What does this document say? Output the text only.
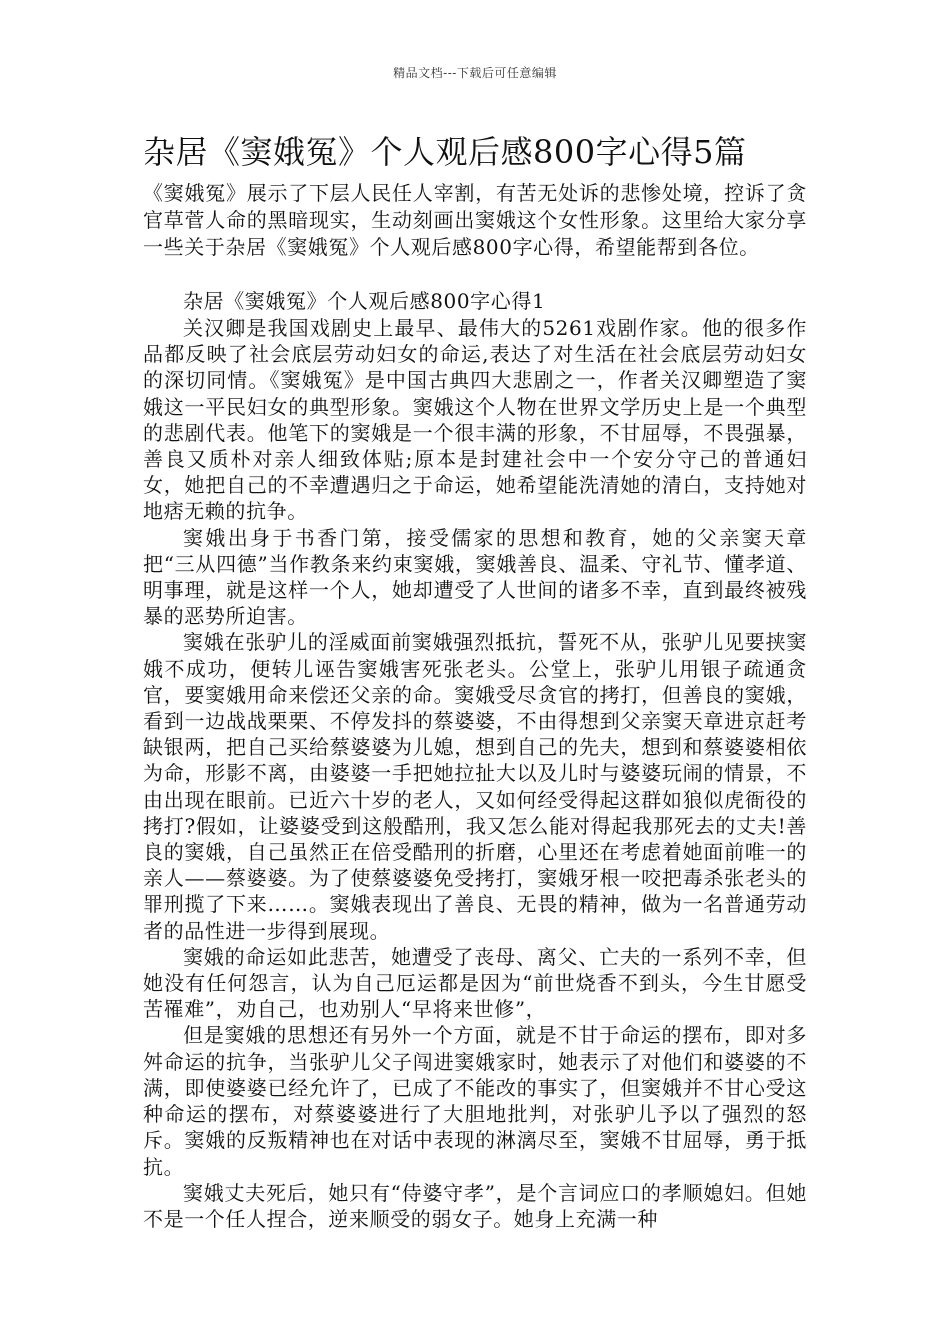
精品文档---下载后可任意编辑
杂居《窦娥冤》个人观后感800字心得5篇

《窦娥冤》展示了下层人民任人宰割，有苦无处诉的悲惨处境，控诉了贪官草菅人命的黑暗现实，生动刻画出窦娥这个女性形象。这里给大家分享一些关于杂居《窦娥冤》个人观后感800字心得，希望能帮到各位。

杂居《窦娥冤》个人观后感800字心得1

关汉卿是我国戏剧史上最早、最伟大的5261戏剧作家。他的很多作品都反映了社会底层劳动妇女的命运,表达了对生活在社会底层劳动妇女的深切同情。《窦娥冤》是中国古典四大悲剧之一，作者关汉卿塑造了窦娥这一平民妇女的典型形象。窦娥这个人物在世界文学历史上是一个典型的悲剧代表。他笔下的窦娥是一个很丰满的形象，不甘屈辱，不畏强暴，善良又质朴对亲人细致体贴;原本是封建社会中一个安分守己的普通妇女，她把自己的不幸遭遇归之于命运，她希望能洗清她的清白，支持她对地痞无赖的抗争。

窦娥出身于书香门第，接受儒家的思想和教育，她的父亲窦天章把“三从四德”当作教条来约束窦娥，窦娥善良、温柔、守礼节、懂孝道、明事理，就是这样一个人，她却遭受了人世间的诸多不幸，直到最终被残暴的恶势所迫害。

窦娥在张驴儿的淫威面前窦娥强烈抵抗，誓死不从，张驴儿见要挟窦娥不成功，便转儿诬告窦娥害死张老头。公堂上，张驴儿用银子疏通贪官，要窦娥用命来偿还父亲的命。窦娥受尽贪官的拷打，但善良的窦娥，看到一边战战栗栗、不停发抖的蔡婆婆，不由得想到父亲窦天章进京赶考缺银两，把自己买给蔡婆婆为儿媳，想到自己的先夫，想到和蔡婆婆相依为命，形影不离，由婆婆一手把她拉扯大以及儿时与婆婆玩闹的情景，不由出现在眼前。已近六十岁的老人，又如何经受得起这群如狼似虎衙役的拷打?假如，让婆婆受到这般酷刑，我又怎么能对得起我那死去的丈夫!善良的窦娥，自己虽然正在倍受酷刑的折磨，心里还在考虑着她面前唯一的亲人——蔡婆婆。为了使蔡婆婆免受拷打，窦娥牙根一咬把毒杀张老头的罪刑揽了下来……。窦娥表现出了善良、无畏的精神，做为一名普通劳动者的品性进一步得到展现。

窦娥的命运如此悲苦，她遭受了丧母、离父、亡夫的一系列不幸，但她没有任何怨言，认为自己厄运都是因为“前世烧香不到头，今生甘愿受苦罹难”，劝自己，也劝别人“早将来世修”，

但是窦娥的思想还有另外一个方面，就是不甘于命运的摆布，即对多舛命运的抗争，当张驴儿父子闯进窦娥家时，她表示了对他们和婆婆的不满，即使婆婆已经允许了，已成了不能改的事实了，但窦娥并不甘心受这种命运的摆布，对蔡婆婆进行了大胆地批判，对张驴儿予以了强烈的怒斥。窦娥的反叛精神也在对话中表现的淋漓尽至，窦娥不甘屈辱，勇于抵抗。

窦娥丈夫死后，她只有“侍婆守孝”，是个言词应口的孝顺媳妇。但她不是一个任人捏合，逆来顺受的弱女子。她身上充满一种
